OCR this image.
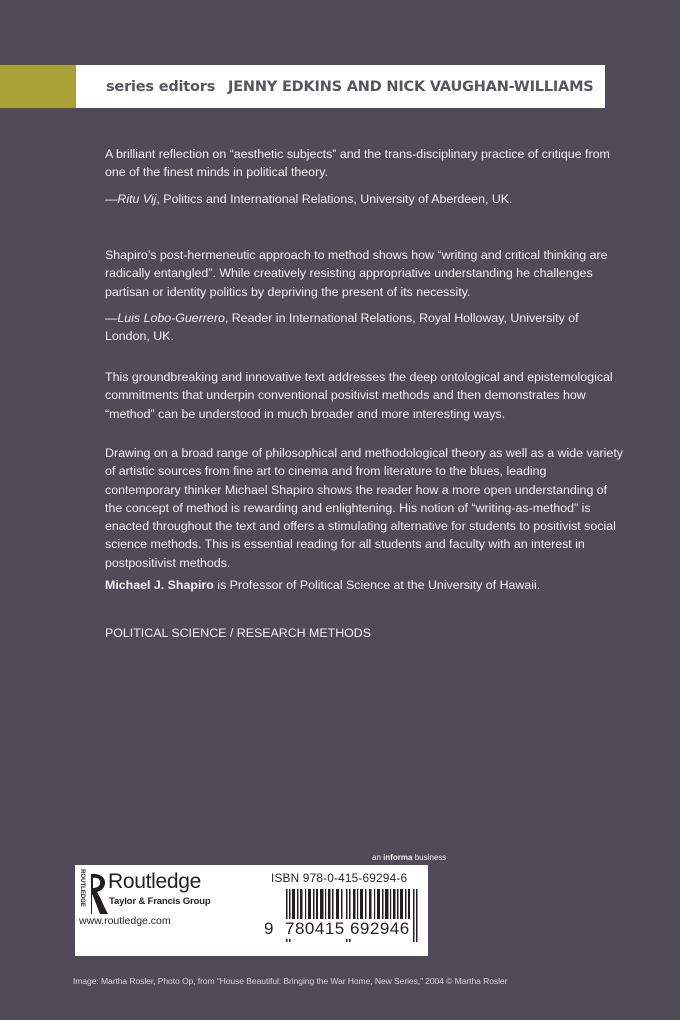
series editors JENNY EDKINS AND NICK VAUGHAN-WILLIAMS

A brilliant reflection on “aesthetic subjects” and the trans-disciplinary practice of critique from one of the finest minds in political theory.

—Ritu Vij, Politics and International Relations, University of Aberdeen, UK.

Shapiro’s post-hermeneutic approach to method shows how “writing and critical thinking are radically entangled”. While creatively resisting appropriative understanding he challenges partisan or identity politics by depriving the present of its necessity.

—Luis Lobo-Guerrero, Reader in International Relations, Royal Holloway, University of London, UK.

This groundbreaking and innovative text addresses the deep ontological and epistemological commitments that underpin conventional positivist methods and then demonstrates how “method” can be understood in much broader and more interesting ways.

Drawing on a broad range of philosophical and methodological theory as well as a wide variety of artistic sources from fine art to cinema and from literature to the blues, leading contemporary thinker Michael Shapiro shows the reader how a more open understanding of the concept of method is rewarding and enlightening. His notion of “writing-as-method” is enacted throughout the text and offers a stimulating alternative for students to positivist social science methods. This is essential reading for all students and faculty with an interest in postpositivist methods.

Michael J. Shapiro is Professor of Political Science at the University of Hawaii.

POLITICAL SCIENCE / RESEARCH METHODS

an informa business
ROUTLEDGE Routledge
Taylor & Francis Group
www.routledge.com
ISBN 978-0-415-69294-6
9 780415 692946
Image: Martha Rosler, Photo Op, from “House Beautiful: Bringing the War Home, New Series,” 2004 © Martha Rosler
